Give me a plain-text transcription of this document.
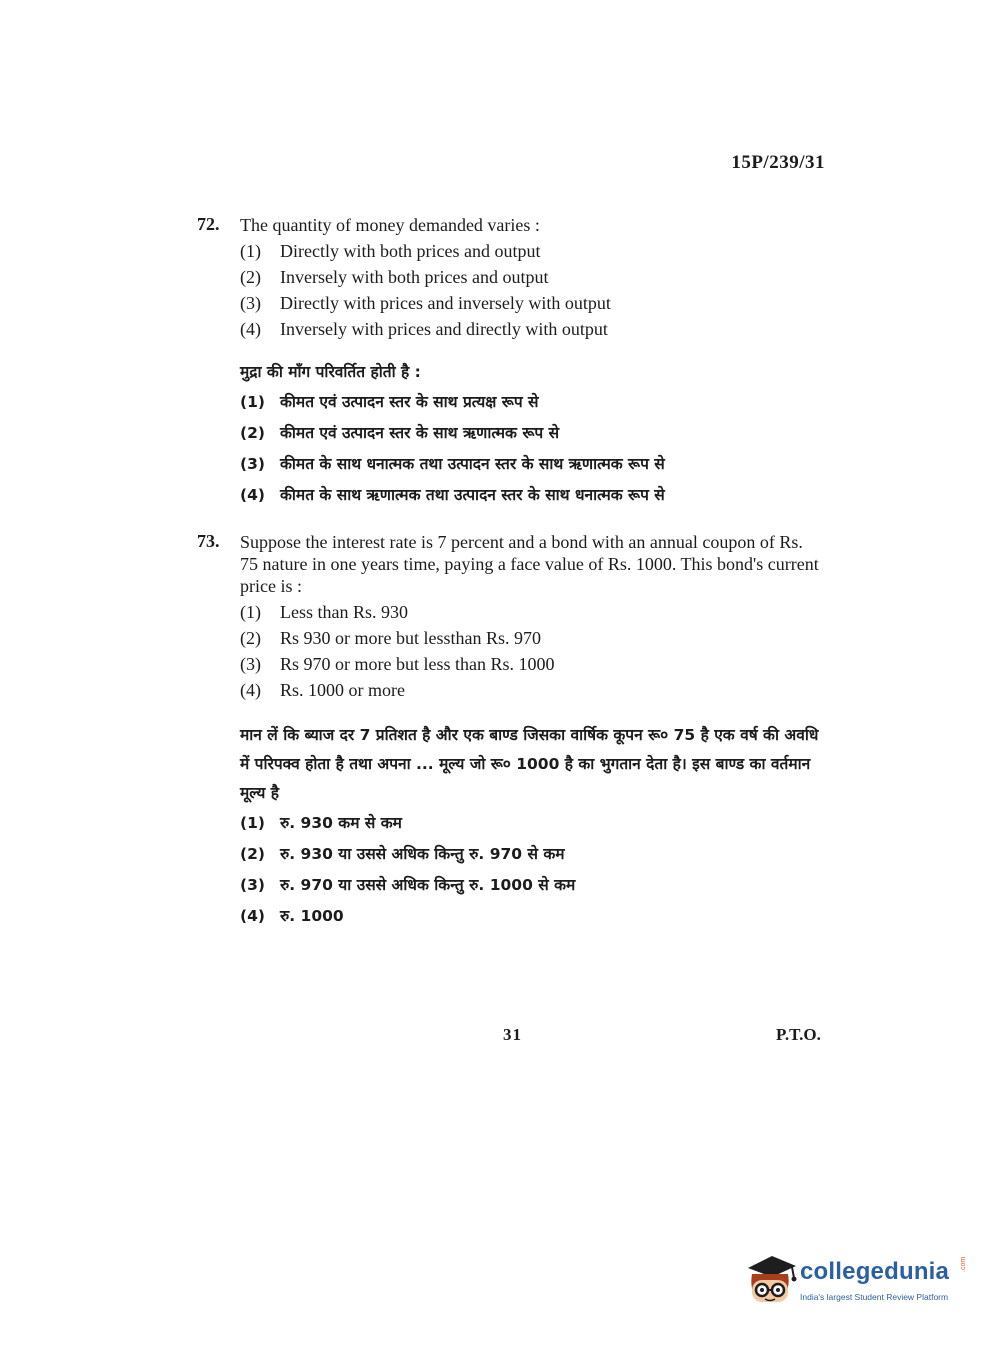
15P/239/31
72. The quantity of money demanded varies :
(1)	Directly with both prices and output
(2)	Inversely with both prices and output
(3)	Directly with prices and inversely with output
(4)	Inversely with prices and directly with output
मुद्रा की माँग परिवर्तित होती है :
(1) कीमत एवं उत्पादन स्तर के साथ प्रत्यक्ष रूप से
(2) कीमत एवं उत्पादन स्तर के साथ ऋणात्मक रूप से
(3) कीमत के साथ धनात्मक तथा उत्पादन स्तर के साथ ऋणात्मक रूप से
(4) कीमत के साथ ऋणात्मक तथा उत्पादन स्तर के साथ धनात्मक रूप से
73. Suppose the interest rate is 7 percent and a bond with an annual coupon of Rs. 75 nature in one years time, paying a face value of Rs. 1000. This bond's current price is :
(1)	Less than Rs. 930
(2)	Rs 930 or more but lessthan Rs. 970
(3)	Rs 970 or more but less than Rs. 1000
(4)	Rs. 1000 or more
मान लें कि ब्याज दर 7 प्रतिशत है और एक बाण्ड जिसका वार्षिक कूपन रू० 75 है एक वर्ष की अवधि में परिपक्व होता है तथा अपना ... मूल्य जो रू० 1000 है का भुगतान देता है। इस बाण्ड का वर्तमान मूल्य है
(1) रु. 930 कम से कम
(2) रु. 930 या उससे अधिक किन्तु रु. 970 से कम
(3) रु. 970 या उससे अधिक किन्तु रु. 1000 से कम
(4) रु. 1000
31	P.T.O.
collegedunia .com
India's largest Student Review Platform
